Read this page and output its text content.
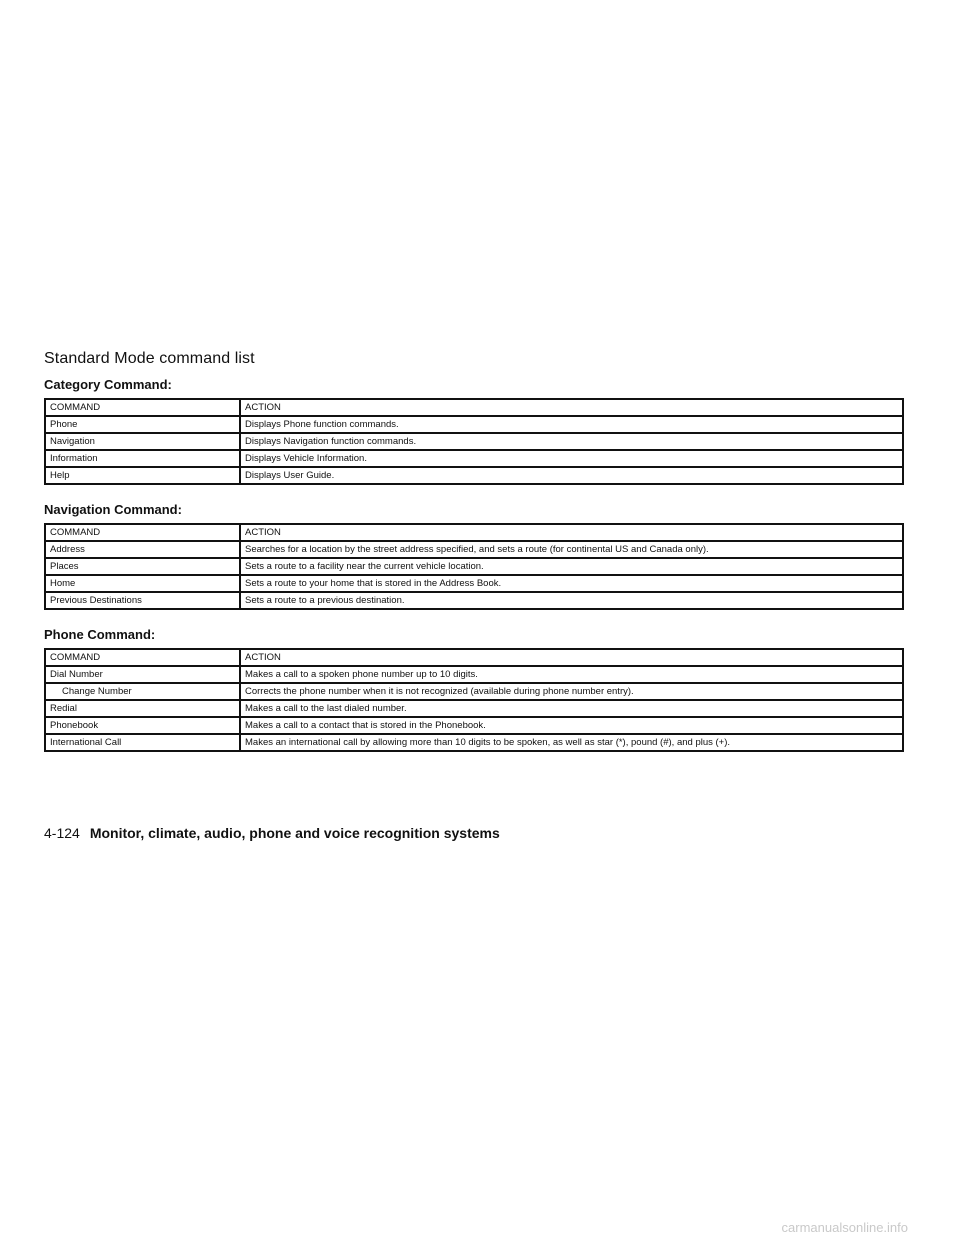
Standard Mode command list
Category Command:
COMMAND	ACTION
Phone	Displays Phone function commands.
Navigation	Displays Navigation function commands.
Information	Displays Vehicle Information.
Help	Displays User Guide.
Navigation Command:
COMMAND	ACTION
Address	Searches for a location by the street address specified, and sets a route (for continental US and Canada only).
Places	Sets a route to a facility near the current vehicle location.
Home	Sets a route to your home that is stored in the Address Book.
Previous Destinations	Sets a route to a previous destination.
Phone Command:
COMMAND	ACTION
Dial Number	Makes a call to a spoken phone number up to 10 digits.
Change Number	Corrects the phone number when it is not recognized (available during phone number entry).
Redial	Makes a call to the last dialed number.
Phonebook	Makes a call to a contact that is stored in the Phonebook.
International Call	Makes an international call by allowing more than 10 digits to be spoken, as well as star (*), pound (#), and plus (+).
4-124 Monitor, climate, audio, phone and voice recognition systems
carmanualsonline.info
